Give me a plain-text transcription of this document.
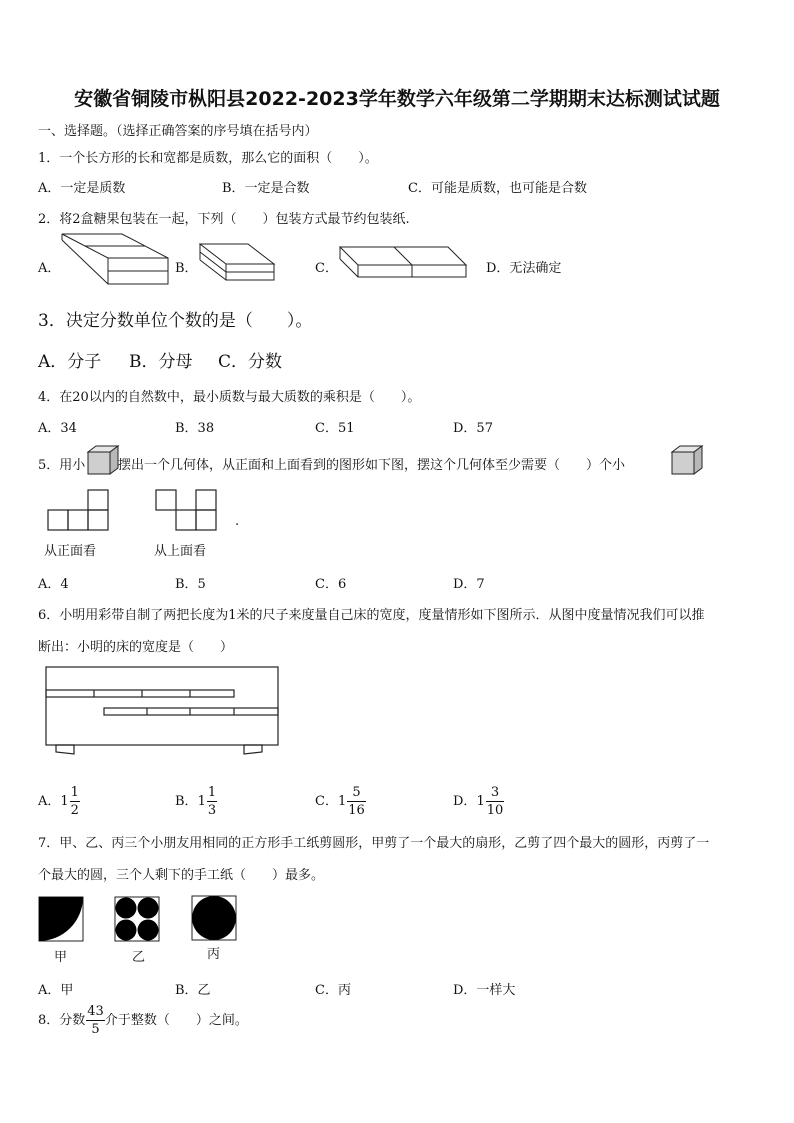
安徽省铜陵市枞阳县2022-2023学年数学六年级第二学期期末达标测试试题
一、选择题。（选择正确答案的序号填在括号内）
1．一个长方形的长和宽都是质数，那么它的面积（　　）。
A．一定是质数	B．一定是合数	C．可能是质数，也可能是合数
2．将2盒糖果包装在一起，下列（　　）包装方式最节约包装纸.
A．	B．	C．	D．无法确定
3．决定分数单位个数的是（　　）。
A．分子 B．分母 C．分数
4．在20以内的自然数中，最小质数与最大质数的乘积是（　　）。
A．34	B．38	C．51	D．57
5．用小	摆出一个几何体，从正面和上面看到的图形如下图，摆这个几何体至少需要（　　）个小
从正面看	从上面看
.
A．4	B．5	C．6	D．7
6．小明用彩带自制了两把长度为1米的尺子来度量自己床的宽度，度量情形如下图所示．从图中度量情况我们可以推
断出：小明的床的宽度是（　　）
A．$1 \frac{1}{2}$	B．$1 \frac{1}{3}$	C．$1 \frac{5}{16}$	D．$1 \frac{3}{10}$
7．甲、乙、丙三个小朋友用相同的正方形手工纸剪圆形，甲剪了一个最大的扇形，乙剪了四个最大的圆形，丙剪了一
个最大的圆，三个人剩下的手工纸（　　）最多。
甲	乙	丙
A．甲	B．乙	C．丙	D．一样大
8．分数 $\frac{43}{5}$ 介于整数（　　）之间。
